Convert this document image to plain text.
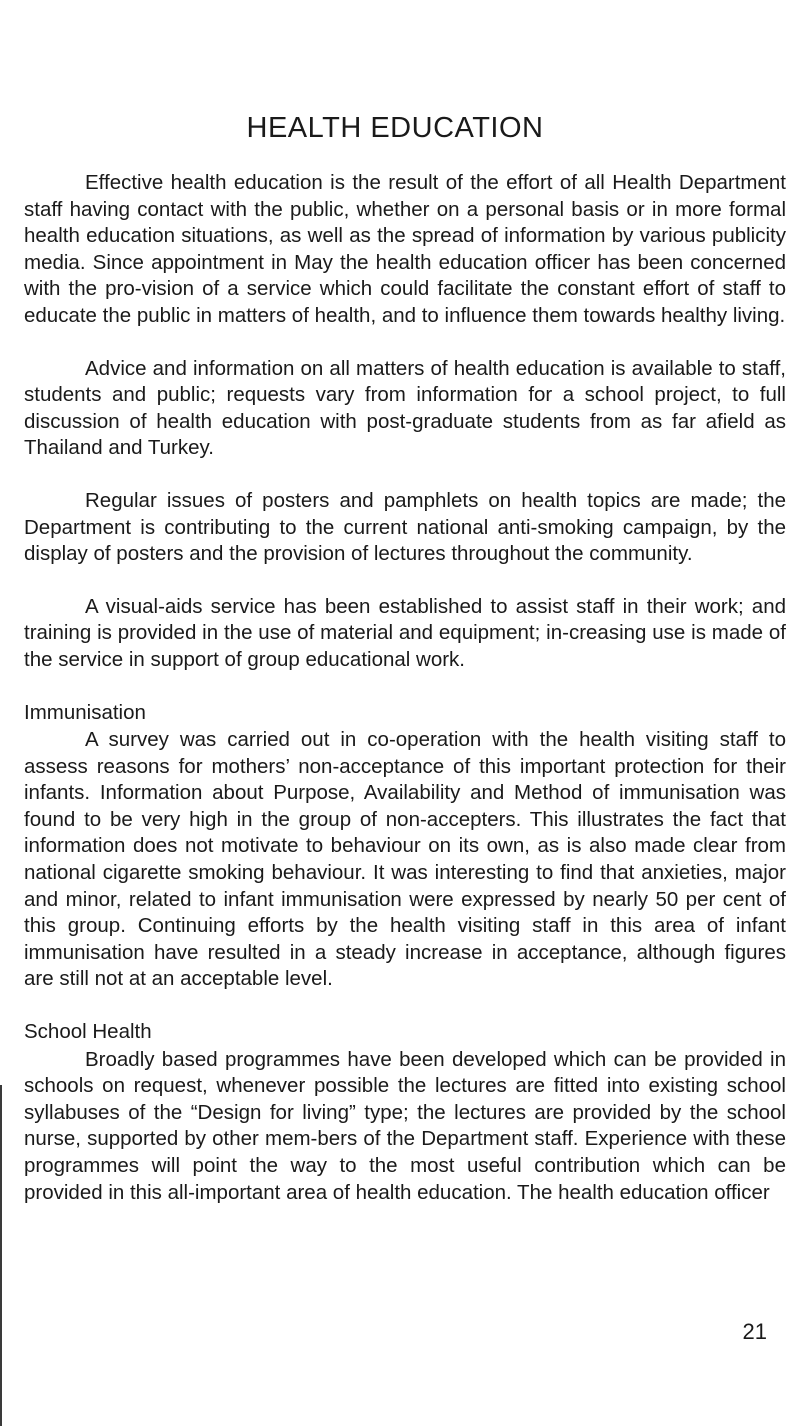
HEALTH EDUCATION

Effective health education is the result of the effort of all Health Department staff having contact with the public, whether on a personal basis or in more formal health education situations, as well as the spread of information by various publicity media. Since appointment in May the health education officer has been concerned with the pro-vision of a service which could facilitate the constant effort of staff to educate the public in matters of health, and to influence them towards healthy living.

Advice and information on all matters of health education is available to staff, students and public; requests vary from information for a school project, to full discussion of health education with post-graduate students from as far afield as Thailand and Turkey.

Regular issues of posters and pamphlets on health topics are made; the Department is contributing to the current national anti-smoking campaign, by the display of posters and the provision of lectures throughout the community.

A visual-aids service has been established to assist staff in their work; and training is provided in the use of material and equipment; in-creasing use is made of the service in support of group educational work.

Immunisation

A survey was carried out in co-operation with the health visiting staff to assess reasons for mothers’ non-acceptance of this important protection for their infants. Information about Purpose, Availability and Method of immunisation was found to be very high in the group of non-accepters. This illustrates the fact that information does not motivate to behaviour on its own, as is also made clear from national cigarette smoking behaviour. It was interesting to find that anxieties, major and minor, related to infant immunisation were expressed by nearly 50 per cent of this group. Continuing efforts by the health visiting staff in this area of infant immunisation have resulted in a steady increase in acceptance, although figures are still not at an acceptable level.

School Health

Broadly based programmes have been developed which can be provided in schools on request, whenever possible the lectures are fitted into existing school syllabuses of the “Design for living” type; the lectures are provided by the school nurse, supported by other mem-bers of the Department staff. Experience with these programmes will point the way to the most useful contribution which can be provided in this all-important area of health education. The health education officer

21
